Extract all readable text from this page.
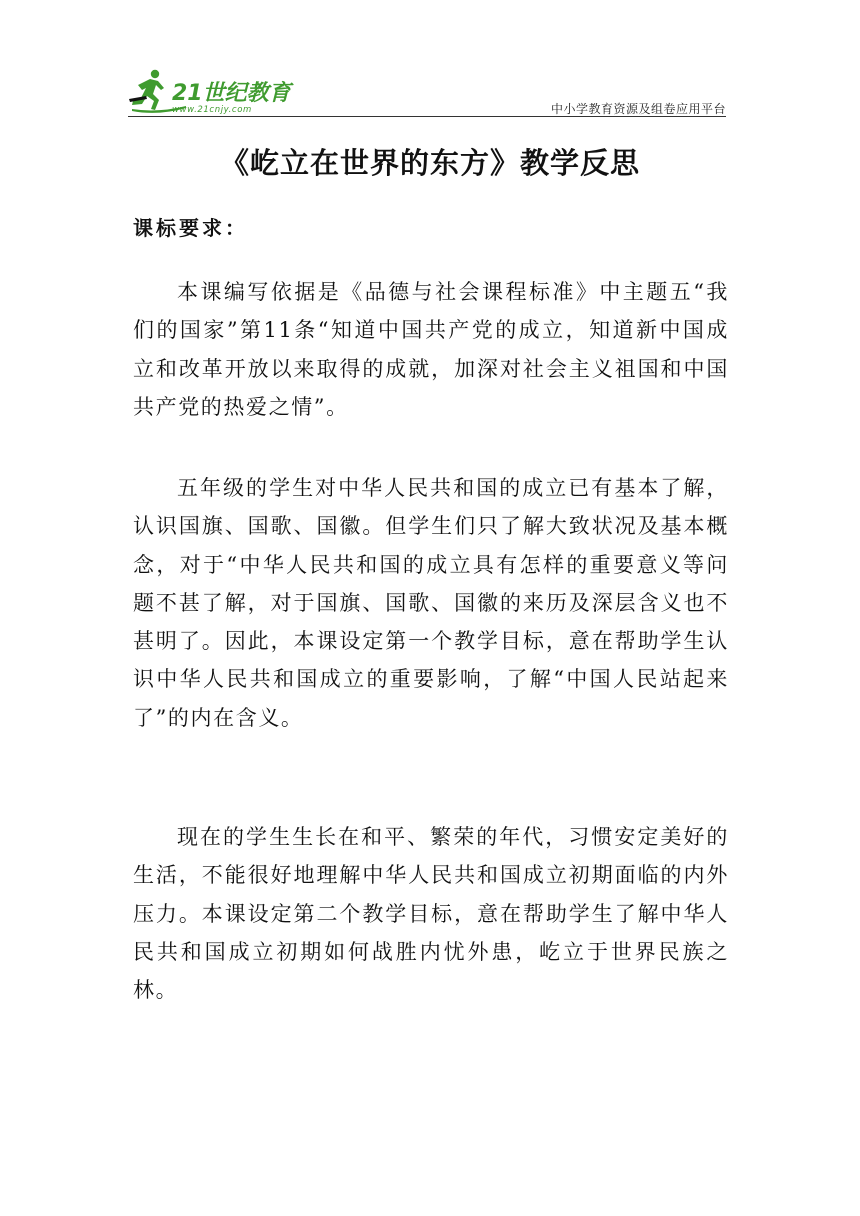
21世纪教育
www.21cnjy.com	中小学教育资源及组卷应用平台
《屹立在世界的东方》教学反思
课标要求：

本课编写依据是《品德与社会课程标准》中主题五“我们的国家”第11条“知道中国共产党的成立，知道新中国成立和改革开放以来取得的成就，加深对社会主义祖国和中国共产党的热爱之情”。

五年级的学生对中华人民共和国的成立已有基本了解，认识国旗、国歌、国徽。但学生们只了解大致状况及基本概念，对于“中华人民共和国的成立具有怎样的重要意义等问题不甚了解，对于国旗、国歌、国徽的来历及深层含义也不甚明了。因此，本课设定第一个教学目标，意在帮助学生认识中华人民共和国成立的重要影响，了解“中国人民站起来了”的内在含义。

现在的学生生长在和平、繁荣的年代，习惯安定美好的生活，不能很好地理解中华人民共和国成立初期面临的内外压力。本课设定第二个教学目标，意在帮助学生了解中华人民共和国成立初期如何战胜内忧外患，屹立于世界民族之林。
